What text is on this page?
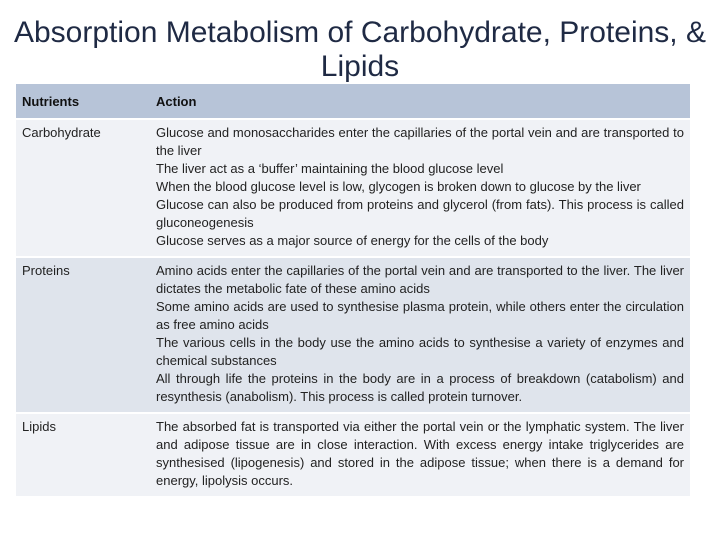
Absorption Metabolism of Carbohydrate, Proteins, & Lipids
Nutrients	Action
Carbohydrate	Glucose and monosaccharides enter the capillaries of the portal vein and are transported to the liver
The liver act as a ‘buffer’ maintaining the blood glucose level
When the blood glucose level is low, glycogen is broken down to glucose by the liver
Glucose can also be produced from proteins and glycerol (from fats). This process is called gluconeogenesis
Glucose serves as a major source of energy for the cells of the body

Proteins	Amino acids enter the capillaries of the portal vein and are transported to the liver. The liver dictates the metabolic fate of these amino acids
Some amino acids are used to synthesise plasma protein, while others enter the circulation as free amino acids
The various cells in the body use the amino acids to synthesise a variety of enzymes and chemical substances
All through life the proteins in the body are in a process of breakdown (catabolism) and resynthesis (anabolism). This process is called protein turnover.

Lipids	The absorbed fat is transported via either the portal vein or the lymphatic system. The liver and adipose tissue are in close interaction. With excess energy intake triglycerides are synthesised (lipogenesis) and stored in the adipose tissue; when there is a demand for energy, lipolysis occurs.
